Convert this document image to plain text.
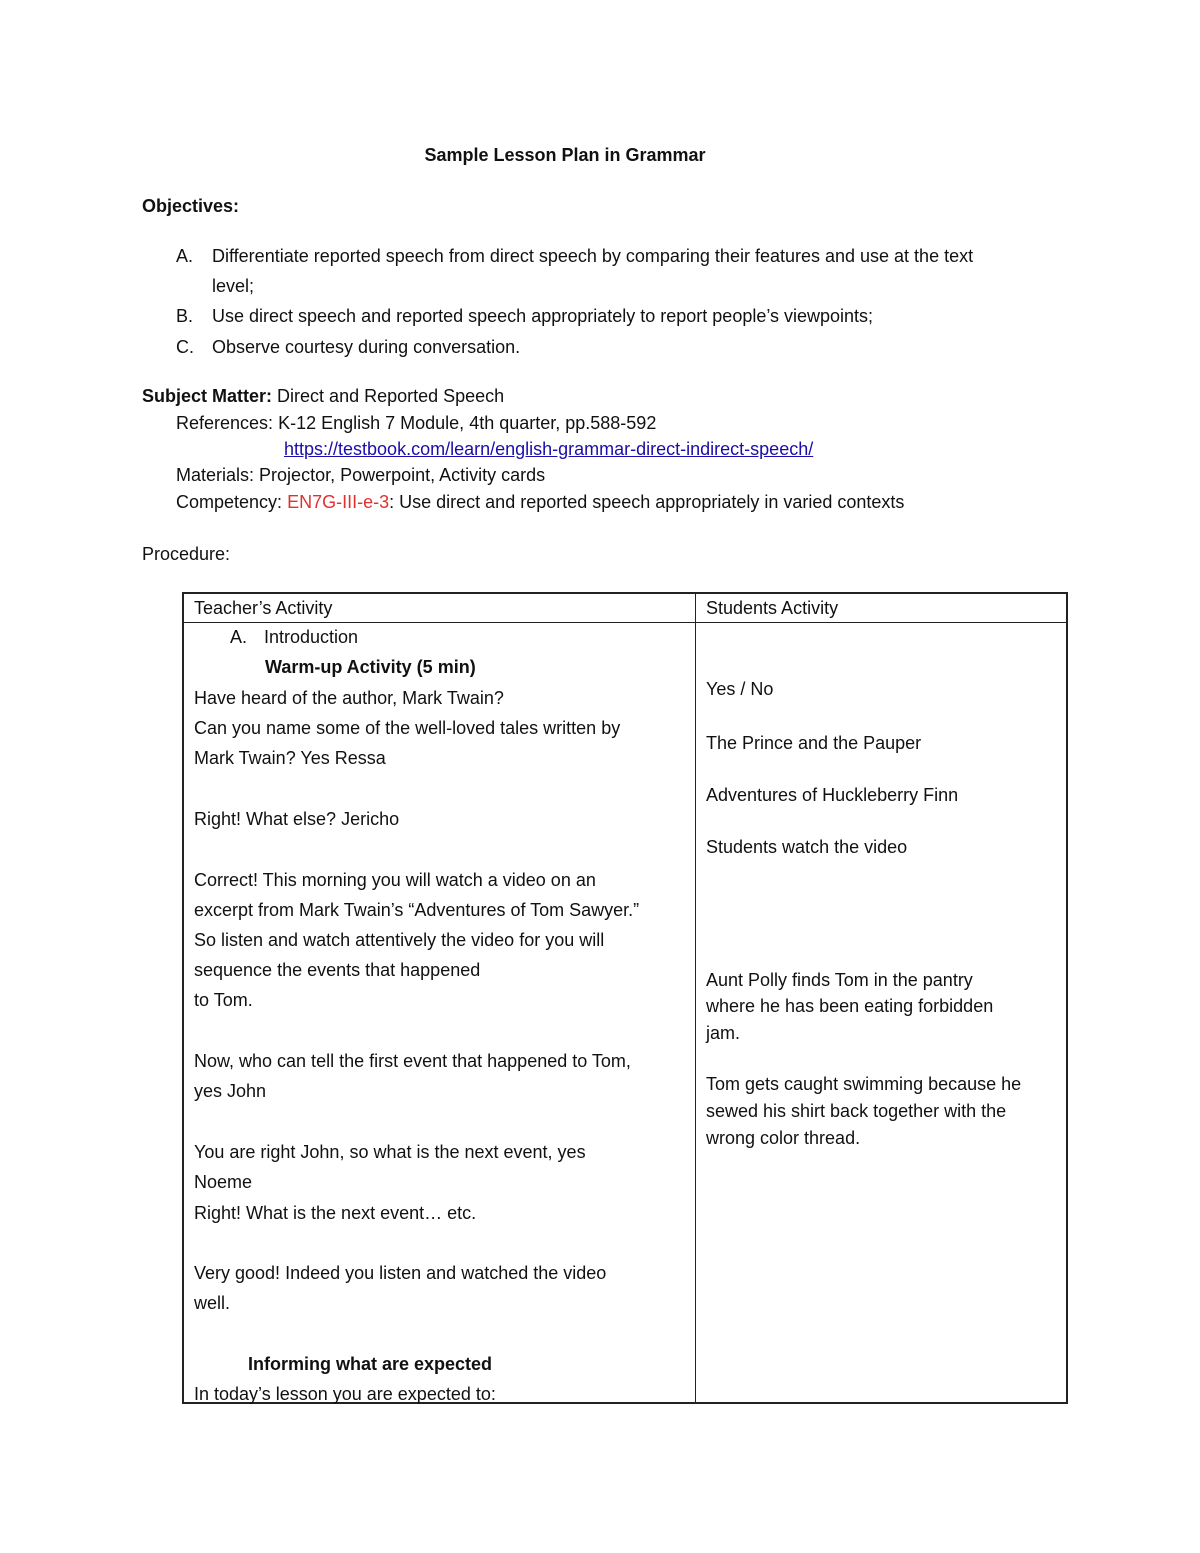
Sample Lesson Plan in Grammar
Objectives:
A. Differentiate reported speech from direct speech by comparing their features and use at the text
level;
B. Use direct speech and reported speech appropriately to report people’s viewpoints;
C. Observe courtesy during conversation.
Subject Matter: Direct and Reported Speech
References: K-12 English 7 Module, 4th quarter, pp.588-592
https://testbook.com/learn/english-grammar-direct-indirect-speech/
Materials: Projector, Powerpoint, Activity cards
Competency: EN7G-III-e-3: Use direct and reported speech appropriately in varied contexts
Procedure:
Teacher’s Activity	Students Activity
A. Introduction
Warm-up Activity (5 min)
Have heard of the author, Mark Twain?
Can you name some of the well-loved tales written by
Mark Twain? Yes Ressa
Right! What else? Jericho
Correct! This morning you will watch a video on an
excerpt from Mark Twain’s “Adventures of Tom Sawyer.”
So listen and watch attentively the video for you will
sequence the events that happened
to Tom.
Now, who can tell the first event that happened to Tom,
yes John
You are right John, so what is the next event, yes
Noeme
Right! What is the next event… etc.
Very good! Indeed you listen and watched the video
well.
Informing what are expected
In today’s lesson you are expected to:
Yes / No
The Prince and the Pauper
Adventures of Huckleberry Finn
Students watch the video
Aunt Polly finds Tom in the pantry
where he has been eating forbidden
jam.
Tom gets caught swimming because he
sewed his shirt back together with the
wrong color thread.
